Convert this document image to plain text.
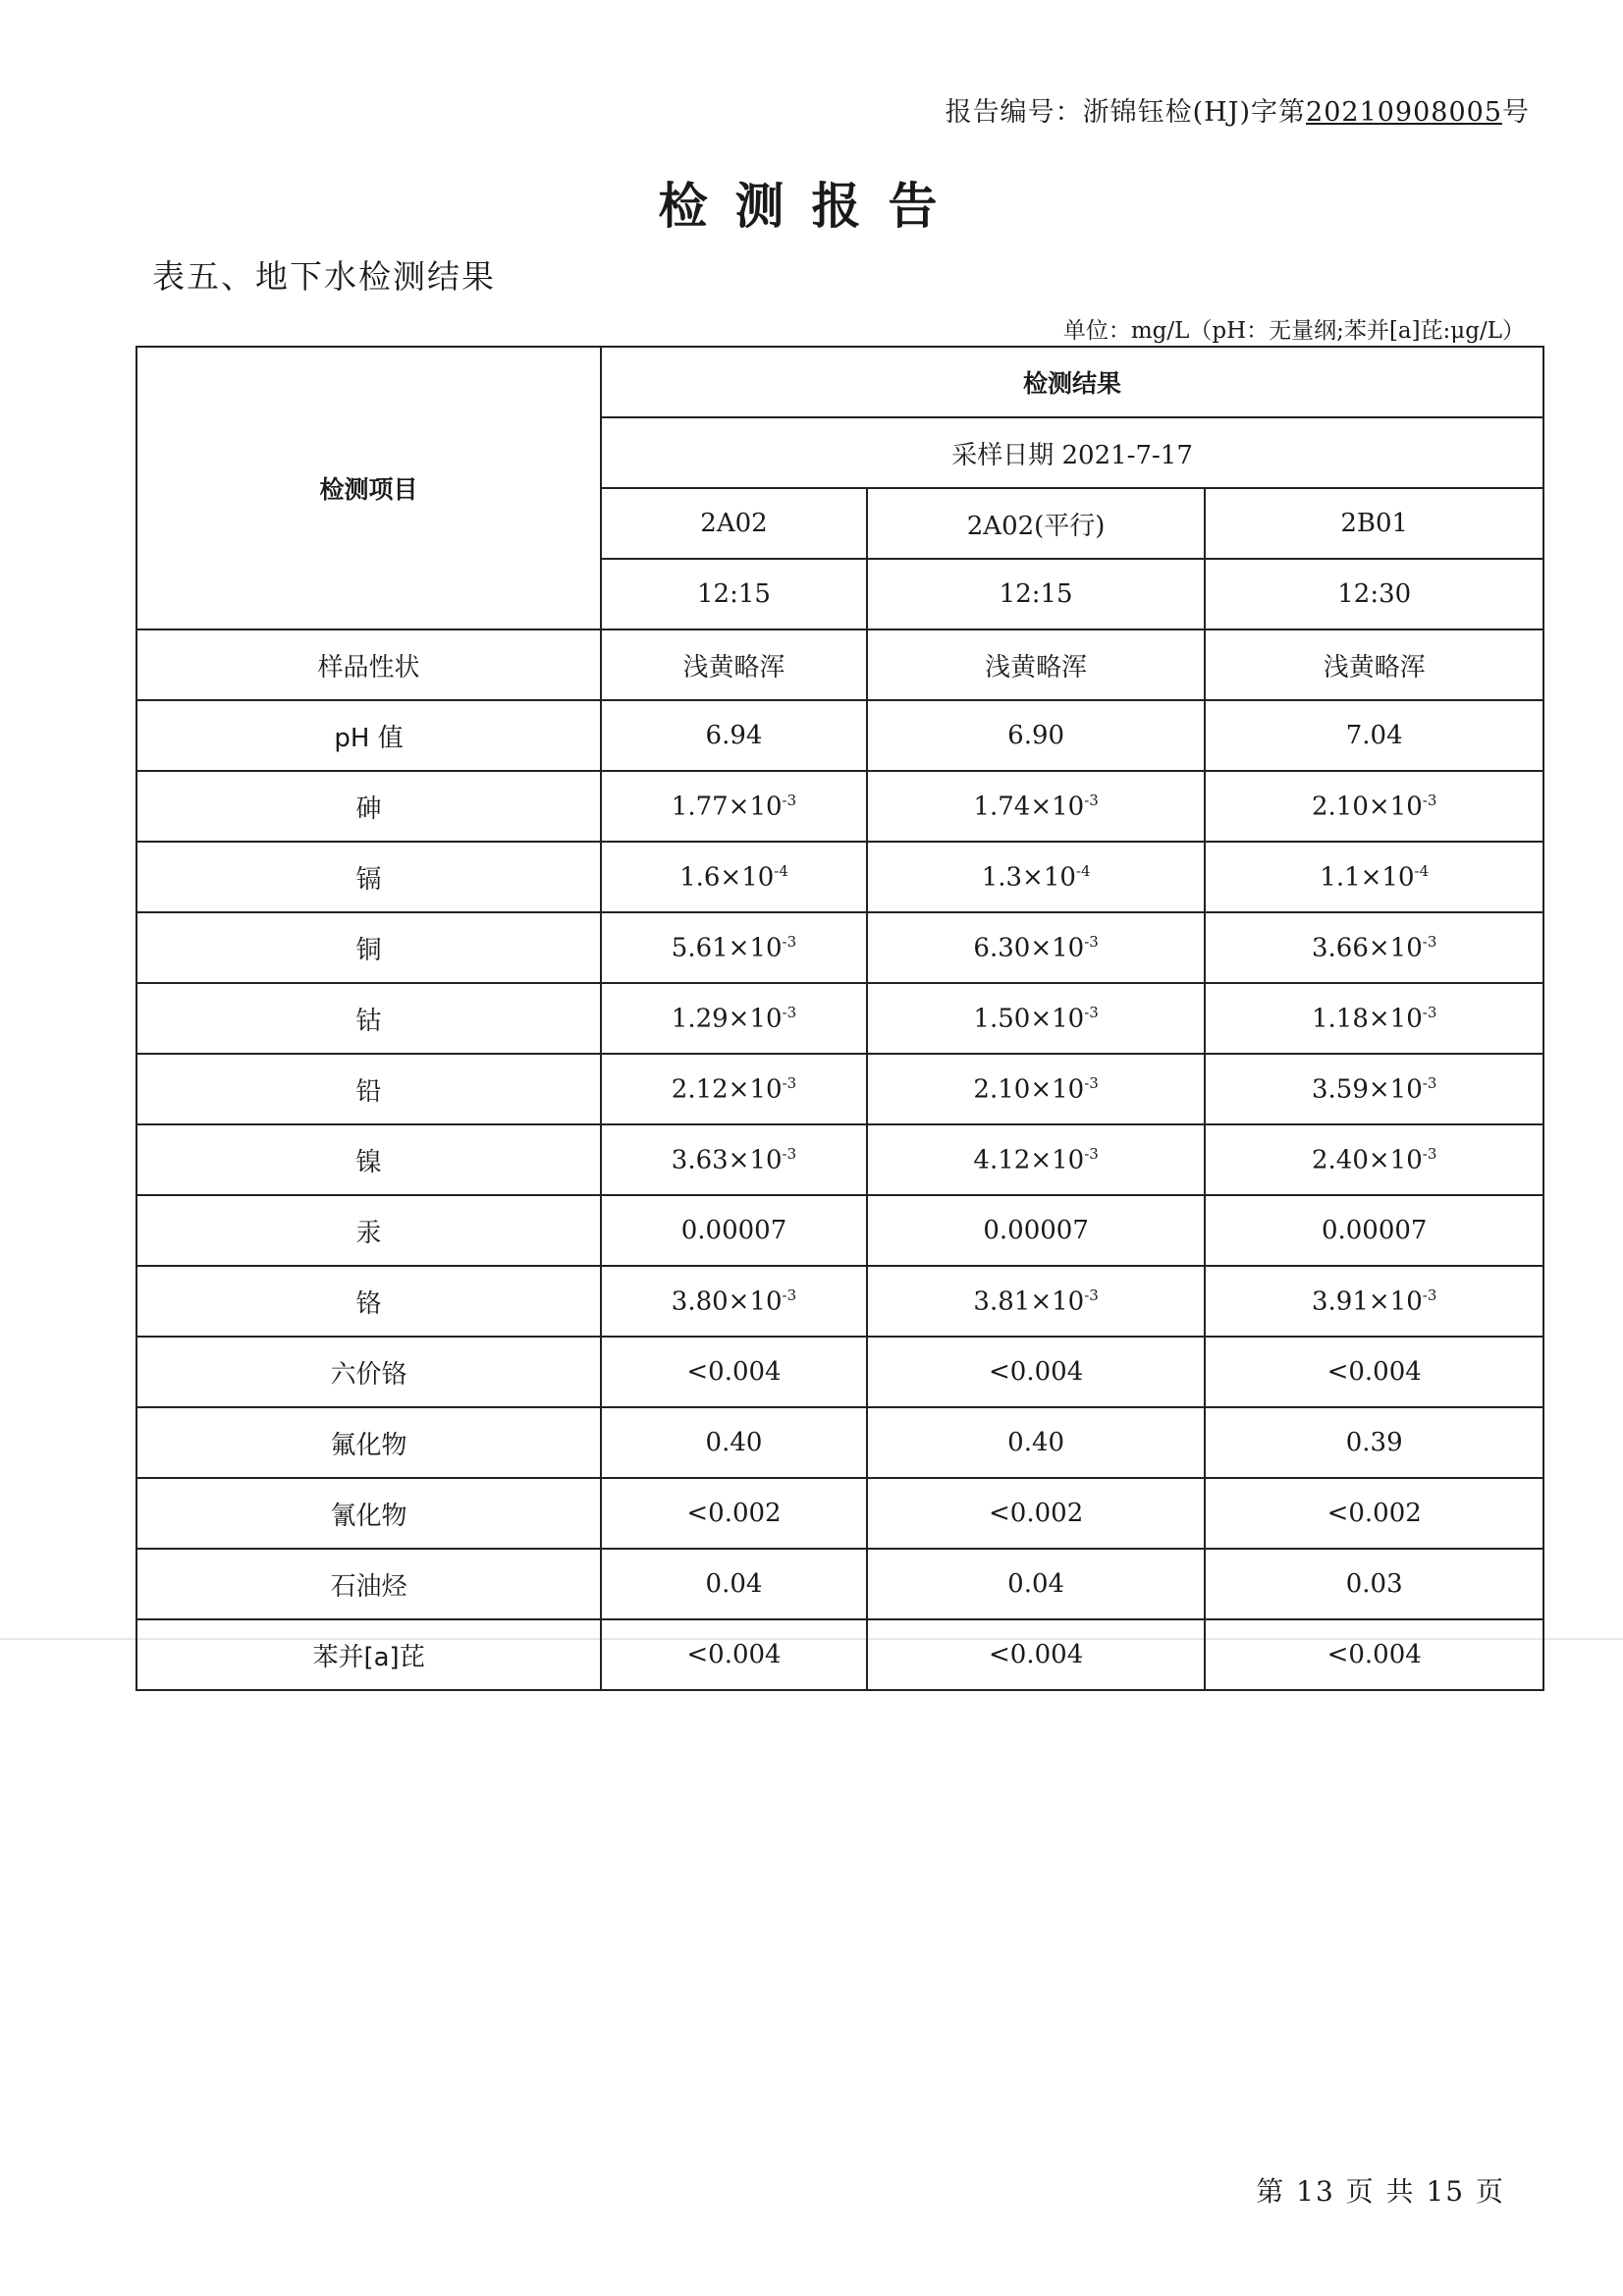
报告编号：浙锦钰检(HJ)字第20210908005号
检测报告
表五、地下水检测结果
单位：mg/L（pH：无量纲;苯并[a]芘:μg/L）
检测项目	检测结果		
	采样日期 2021-7-17		
	2A02	2A02(平行)	2B01
	12:15	12:15	12:30
样品性状	浅黄略浑	浅黄略浑	浅黄略浑
pH 值	6.94	6.90	7.04
砷	$1.77\times 10^{-3}$	$1.74\times 10^{-3}$	$2.10\times 10^{-3}$
镉	$1.6\times 10^{-4}$	$1.3\times 10^{-4}$	$1.1\times 10^{-4}$
铜	$5.61\times 10^{-3}$	$6.30\times 10^{-3}$	$3.66\times 10^{-3}$
钴	$1.29\times 10^{-3}$	$1.50\times 10^{-3}$	$1.18\times 10^{-3}$
铅	$2.12\times 10^{-3}$	$2.10\times 10^{-3}$	$3.59\times 10^{-3}$
镍	$3.63\times 10^{-3}$	$4.12\times 10^{-3}$	$2.40\times 10^{-3}$
汞	0.00007	0.00007	0.00007
铬	$3.80\times 10^{-3}$	$3.81\times 10^{-3}$	$3.91\times 10^{-3}$
六价铬	<0.004	<0.004	<0.004
氟化物	0.40	0.40	0.39
氰化物	<0.002	<0.002	<0.002
石油烃	0.04	0.04	0.03
苯并[a]芘	<0.004	<0.004	<0.004
第 13 页 共 15 页
